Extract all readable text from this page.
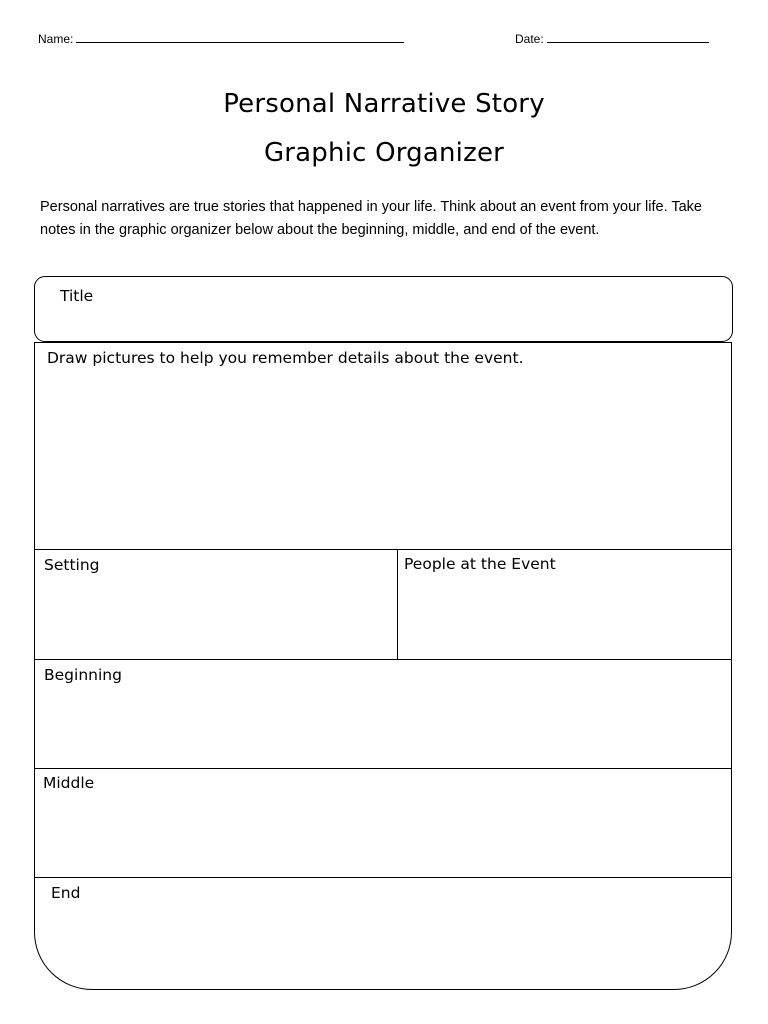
Name:	Date:
Personal Narrative Story
Graphic Organizer
Personal narratives are true stories that happened in your life. Think about an event from your life. Take notes in the graphic organizer below about the beginning, middle, and end of the event.
Title
Draw pictures to help you remember details about the event.
Setting	People at the Event
Beginning
Middle
End
